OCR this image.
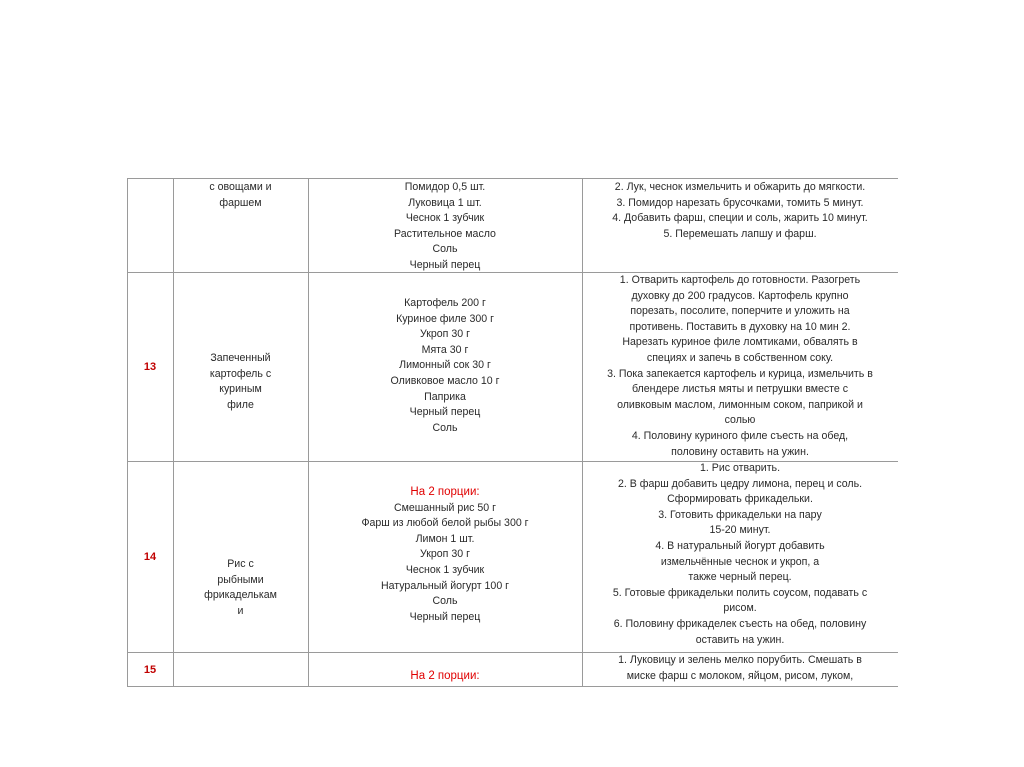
с овощами и
фаршем
Помидор 0,5 шт.
Луковица 1 шт.
Чеснок 1 зубчик
Растительное масло
Соль
Черный перец
2. Лук, чеснок измельчить и обжарить до мягкости.
3. Помидор нарезать брусочками, томить 5 минут.
4. Добавить фарш, специи и соль, жарить 10 минут.
5. Перемешать лапшу и фарш.
13
Запеченный
картофель с
куриным
филе
Картофель 200 г
Куриное филе 300 г
Укроп 30 г
Мята 30 г
Лимонный сок 30 г
Оливковое масло 10 г
Паприка
Черный перец
Соль
1. Отварить картофель до готовности. Разогреть
духовку до 200 градусов. Картофель крупно
порезать, посолите, поперчите и уложить на
противень. Поставить в духовку на 10 мин 2.
Нарезать куриное филе ломтиками, обвалять в
специях и запечь в собственном соку.
3. Пока запекается картофель и курица, измельчить в
блендере листья мяты и петрушки вместе с
оливковым маслом, лимонным соком, паприкой и
солью
4. Половину куриного филе съесть на обед,
половину оставить на ужин.
14
Рис с
рыбными
фрикаделькам
и
На 2 порции:
Смешанный рис 50 г
Фарш из любой белой рыбы 300 г
Лимон 1 шт.
Укроп 30 г
Чеснок 1 зубчик
Натуральный йогурт 100 г
Соль
Черный перец
1. Рис отварить.
2. В фарш добавить цедру лимона, перец и соль.
Сформировать фрикадельки.
3. Готовить фрикадельки на пару
15-20 минут.
4. В натуральный йогурт добавить
измельчённые чеснок и укроп, а
также черный перец.
5. Готовые фрикадельки полить соусом, подавать с
рисом.
6. Половину фрикаделек съесть на обед, половину
оставить на ужин.
15	На 2 порции:
1. Луковицу и зелень мелко порубить. Смешать в
миске фарш с молоком, яйцом, рисом, луком,
